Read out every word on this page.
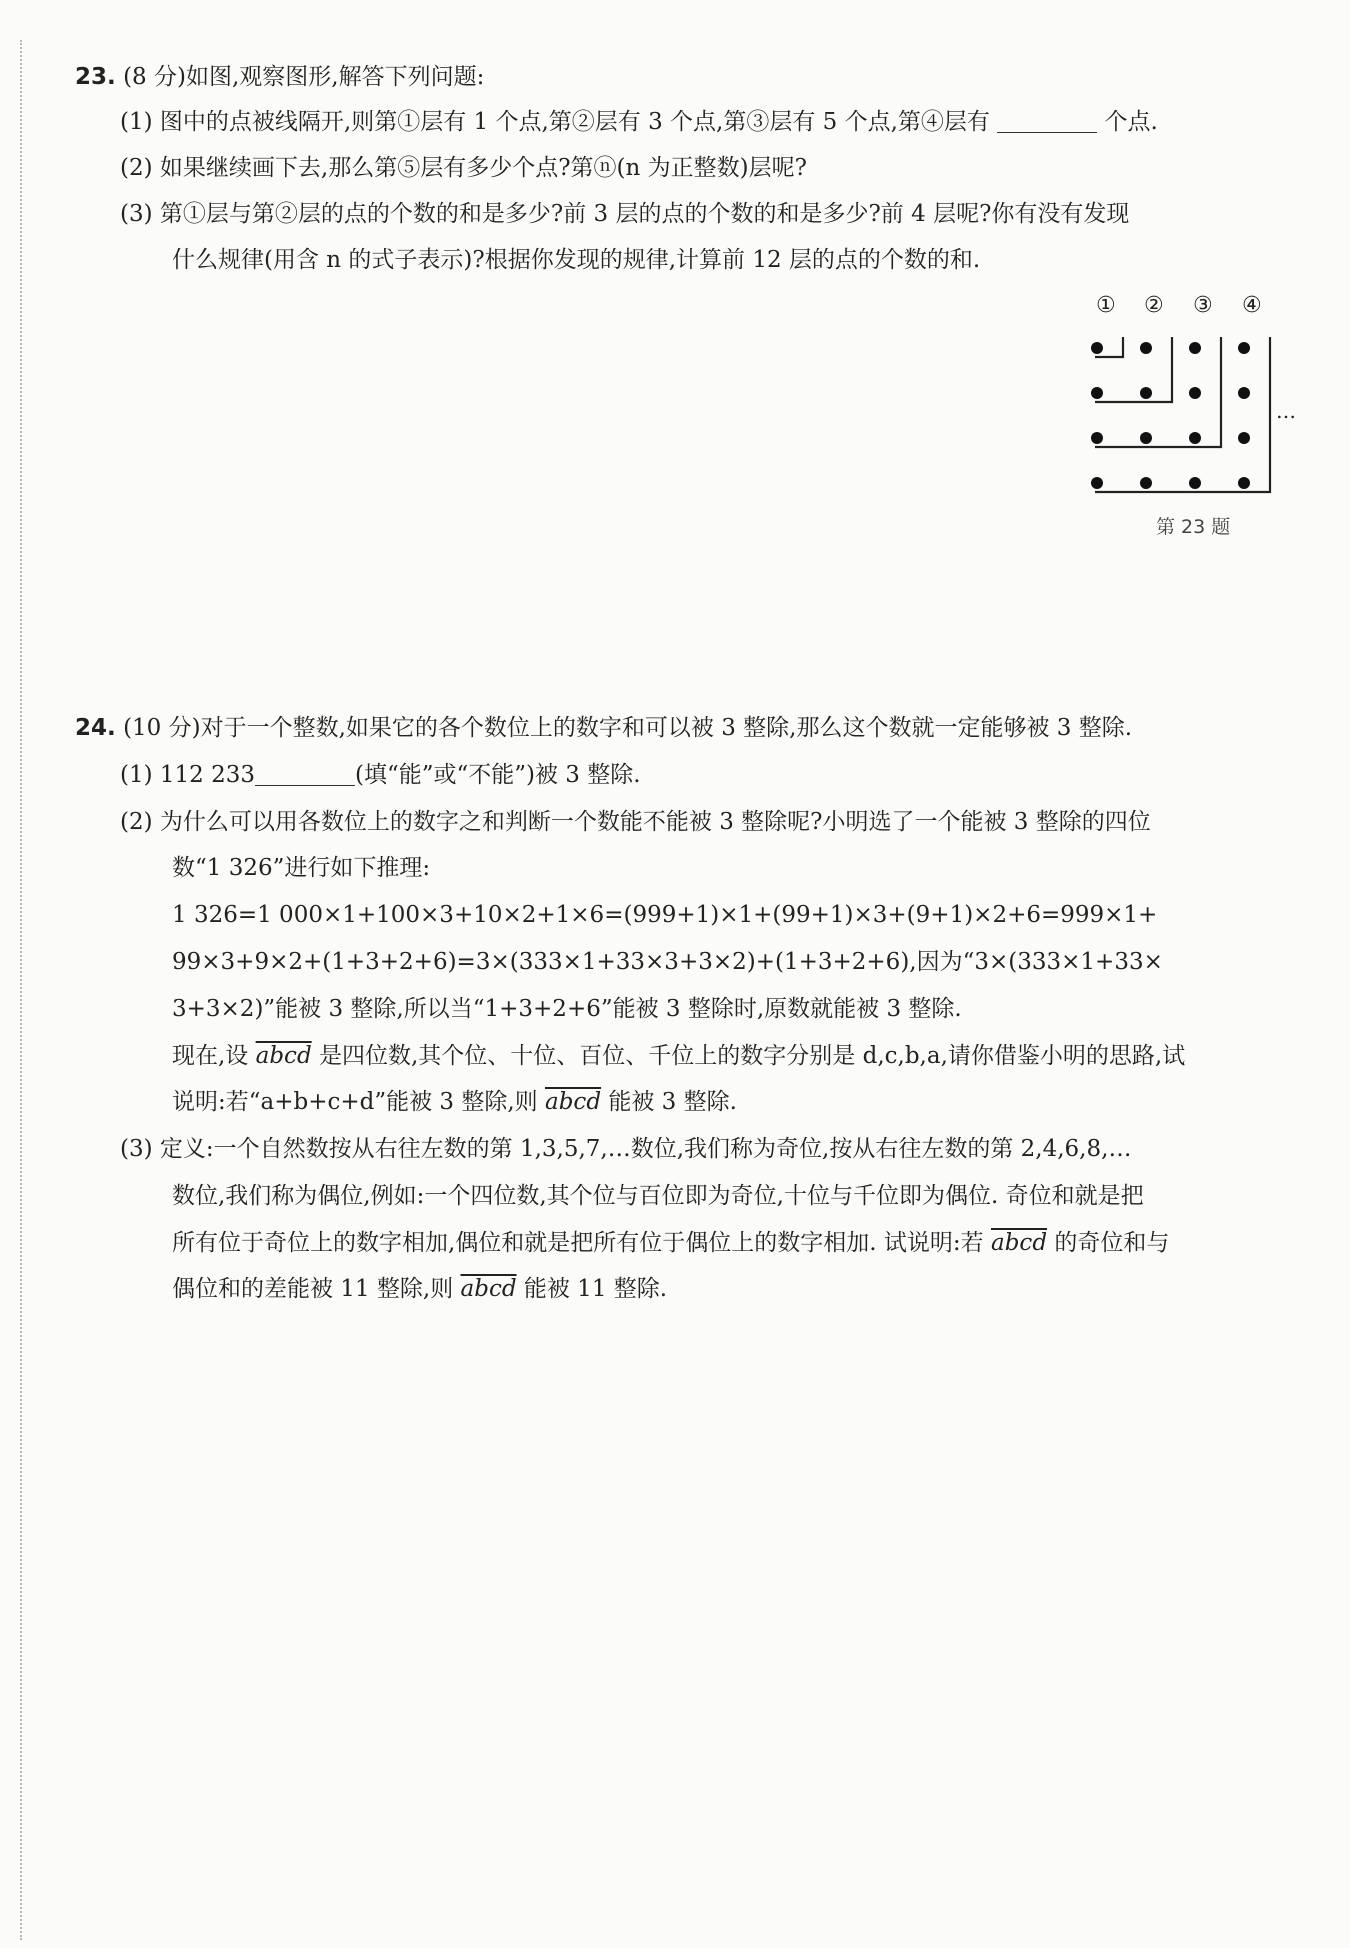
23. (8 分)如图,观察图形,解答下列问题:
(1) 图中的点被线隔开,则第①层有 1 个点,第②层有 3 个点,第③层有 5 个点,第④层有	个点.
(2) 如果继续画下去,那么第⑤层有多少个点?第ⓝ(n 为正整数)层呢?
(3) 第①层与第②层的点的个数的和是多少?前 3 层的点的个数的和是多少?前 4 层呢?你有没有发现
什么规律(用含 n 的式子表示)?根据你发现的规律,计算前 12 层的点的个数的和.
① ② ③ ④
…
第 23 题
24. (10 分)对于一个整数,如果它的各个数位上的数字和可以被 3 整除,那么这个数就一定能够被 3 整除.
(1) 112 233	(填“能”或“不能”)被 3 整除.
(2) 为什么可以用各数位上的数字之和判断一个数能不能被 3 整除呢?小明选了一个能被 3 整除的四位
数“1 326”进行如下推理:
1 326=1 000×1+100×3+10×2+1×6=(999+1)×1+(99+1)×3+(9+1)×2+6=999×1+
99×3+9×2+(1+3+2+6)=3×(333×1+33×3+3×2)+(1+3+2+6),因为“3×(333×1+33×
3+3×2)”能被 3 整除,所以当“1+3+2+6”能被 3 整除时,原数就能被 3 整除.
现在,设 abcd 是四位数,其个位、十位、百位、千位上的数字分别是 d,c,b,a,请你借鉴小明的思路,试
说明:若“a+b+c+d”能被 3 整除,则 abcd 能被 3 整除.
(3) 定义:一个自然数按从右往左数的第 1,3,5,7,…数位,我们称为奇位,按从右往左数的第 2,4,6,8,…
数位,我们称为偶位,例如:一个四位数,其个位与百位即为奇位,十位与千位即为偶位. 奇位和就是把
所有位于奇位上的数字相加,偶位和就是把所有位于偶位上的数字相加. 试说明:若 abcd 的奇位和与
偶位和的差能被 11 整除,则 abcd 能被 11 整除.
